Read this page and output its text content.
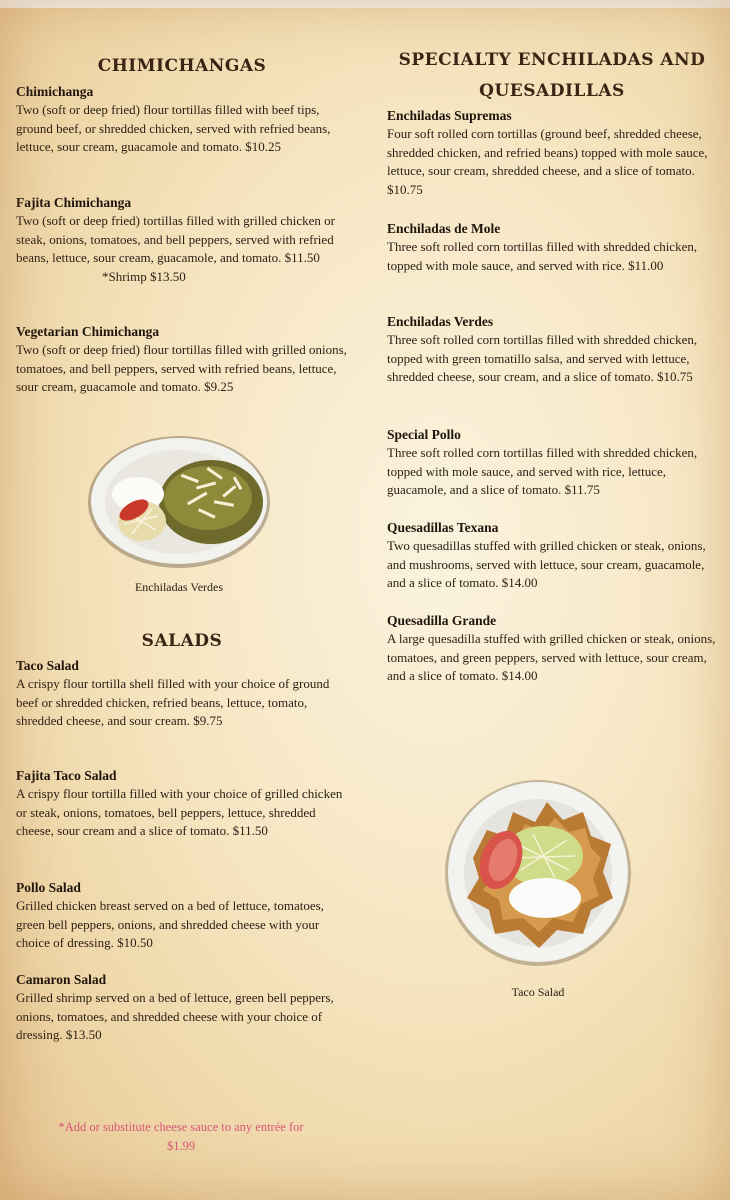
CHIMICHANGAS
Chimichanga

Two (soft or deep fried) flour tortillas filled with beef tips, ground beef, or shredded chicken, served with refried beans, lettuce, sour cream, guacamole and tomato. $10.25

Fajita Chimichanga

Two (soft or deep fried) tortillas filled with grilled chicken or steak, onions, tomatoes, and bell peppers, served with refried beans, lettuce, sour cream, guacamole, and tomato. $11.50

*Shrimp $13.50
Vegetarian Chimichanga

Two (soft or deep fried) flour tortillas filled with grilled onions, tomatoes, and bell peppers, served with refried beans, lettuce, sour cream, guacamole and tomato. $9.25

Enchiladas Verdes
SALADS
Taco Salad

A crispy flour tortilla shell filled with your choice of ground beef or shredded chicken, refried beans, lettuce, tomato, shredded cheese, and sour cream. $9.75

Fajita Taco Salad

A crispy flour tortilla filled with your choice of grilled chicken or steak, onions, tomatoes, bell peppers, lettuce, shredded cheese, sour cream and a slice of tomato. $11.50

Pollo Salad

Grilled chicken breast served on a bed of lettuce, tomatoes, green bell peppers, onions, and shredded cheese with your choice of dressing. $10.50

Camaron Salad

Grilled shrimp served on a bed of lettuce, green bell peppers, onions, tomatoes, and shredded cheese with your choice of dressing. $13.50

*Add or substitute cheese sauce to any entrée for
$1.99
SPECIALTY ENCHILADAS AND
QUESADILLAS
Enchiladas Supremas

Four soft rolled corn tortillas (ground beef, shredded cheese, shredded chicken, and refried beans) topped with mole sauce, lettuce, sour cream, shredded cheese, and a slice of tomato. $10.75

Enchiladas de Mole

Three soft rolled corn tortillas filled with shredded chicken, topped with mole sauce, and served with rice. $11.00

Enchiladas Verdes

Three soft rolled corn tortillas filled with shredded chicken, topped with green tomatillo salsa, and served with lettuce, shredded cheese, sour cream, and a slice of tomato. $10.75

Special Pollo

Three soft rolled corn tortillas filled with shredded chicken, topped with mole sauce, and served with rice, lettuce, guacamole, and a slice of tomato. $11.75

Quesadillas Texana

Two quesadillas stuffed with grilled chicken or steak, onions, and mushrooms, served with lettuce, sour cream, guacamole, and a slice of tomato. $14.00

Quesadilla Grande

A large quesadilla stuffed with grilled chicken or steak, onions, tomatoes, and green peppers, served with lettuce, sour cream, and a slice of tomato. $14.00

Taco Salad
